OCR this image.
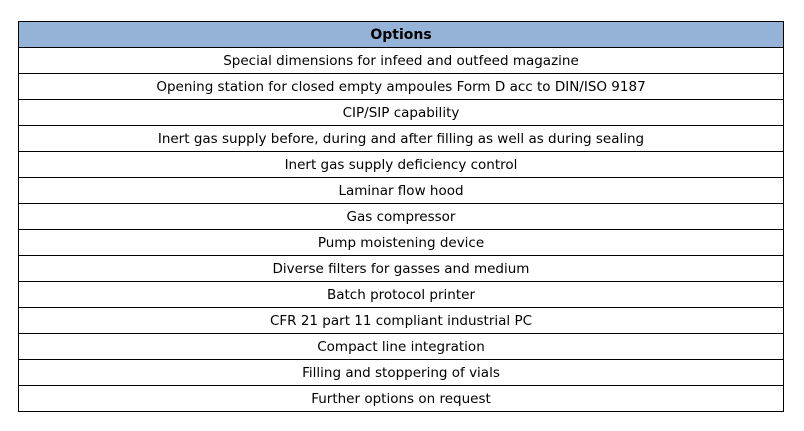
Options
Special dimensions for infeed and outfeed magazine
Opening station for closed empty ampoules Form D acc to DIN/ISO 9187
CIP/SIP capability
Inert gas supply before, during and after filling as well as during sealing
Inert gas supply deficiency control
Laminar flow hood
Gas compressor
Pump moistening device
Diverse filters for gasses and medium
Batch protocol printer
CFR 21 part 11 compliant industrial PC
Compact line integration
Filling and stoppering of vials
Further options on request
